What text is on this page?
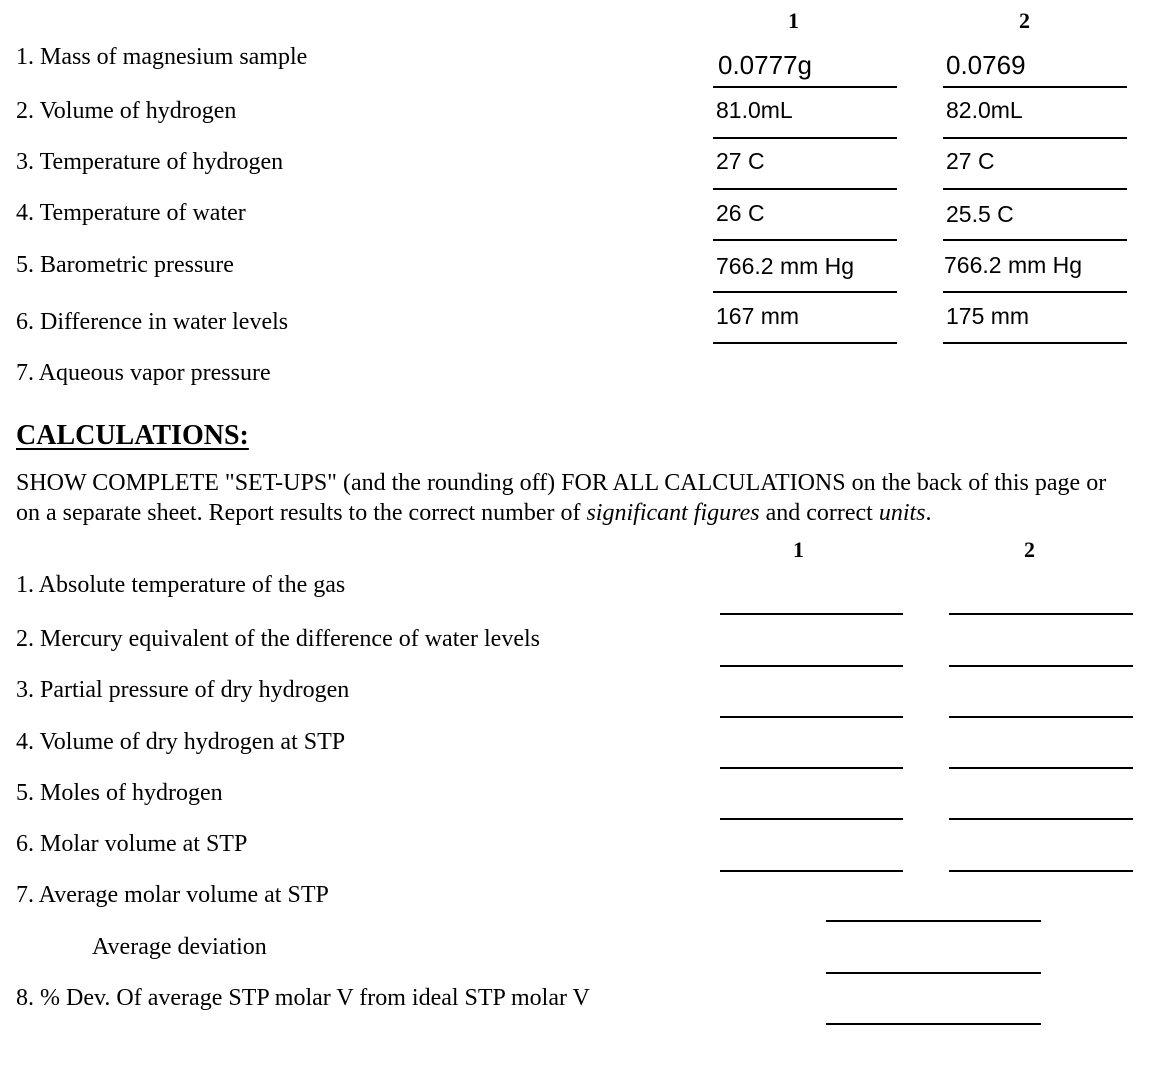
1	2
1. Mass of magnesium sample
2. Volume of hydrogen
3. Temperature of hydrogen
4. Temperature of water
5. Barometric pressure
6. Difference in water levels
7. Aqueous vapor pressure
0.0777g
81.0mL
27 C
26 C
766.2 mm Hg
167 mm
0.0769
82.0mL
27 C
25.5 C
766.2 mm Hg
175 mm
CALCULATIONS:
SHOW COMPLETE "SET-UPS" (and the rounding off) FOR ALL CALCULATIONS on the back of this page or on a separate sheet. Report results to the correct number of significant figures and correct units.
1	2
1. Absolute temperature of the gas
2. Mercury equivalent of the difference of water levels
3. Partial pressure of dry hydrogen
4. Volume of dry hydrogen at STP
5. Moles of hydrogen
6. Molar volume at STP
7. Average molar volume at STP
Average deviation
8. % Dev. Of average STP molar V from ideal STP molar V
